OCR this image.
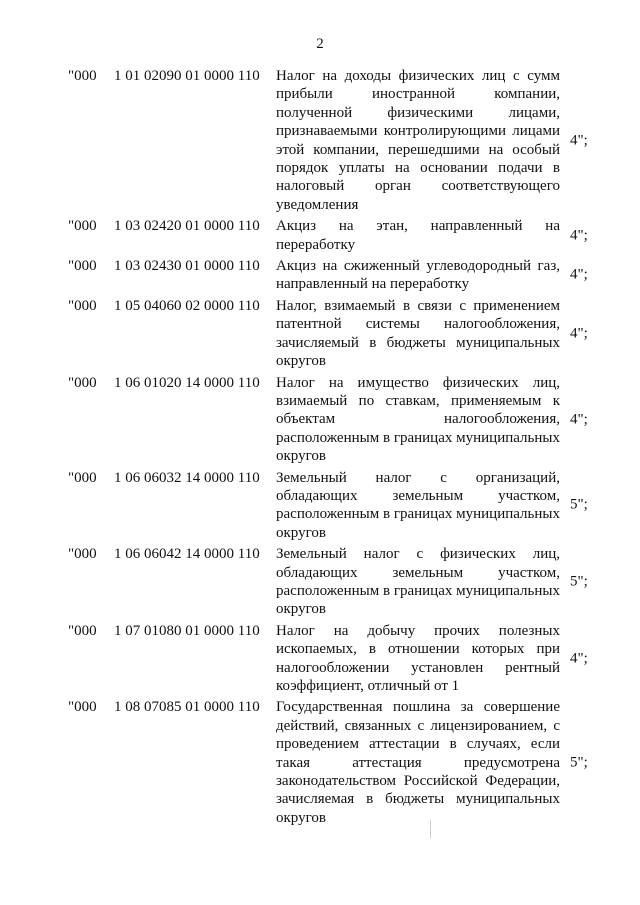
2
"000 1 01 02090 01 0000 110 Налог на доходы физических лиц с сумм прибыли иностранной компании, полученной физическими лицами, признаваемыми контролирующими лицами этой компании, перешедшими на особый порядок уплаты на основании подачи в налоговый орган соответствующего уведомления
4";
"000 1 03 02420 01 0000 110 Акциз на этан, направленный на переработку
4";
"000 1 03 02430 01 0000 110 Акциз на сжиженный углеводородный газ, направленный на переработку
4";
"000 1 05 04060 02 0000 110 Налог, взимаемый в связи с применением патентной системы налогообложения, зачисляемый в бюджеты муниципальных округов
4";
"000 1 06 01020 14 0000 110 Налог на имущество физических лиц, взимаемый по ставкам, применяемым к объектам налогообложения, расположенным в границах муниципальных округов
4";
"000 1 06 06032 14 0000 110 Земельный налог с организаций, обладающих земельным участком, расположенным в границах муниципальных округов
5";
"000 1 06 06042 14 0000 110 Земельный налог с физических лиц, обладающих земельным участком, расположенным в границах муниципальных округов
5";
"000 1 07 01080 01 0000 110 Налог на добычу прочих полезных ископаемых, в отношении которых при налогообложении установлен рентный коэффициент, отличный от 1
4";
"000 1 08 07085 01 0000 110 Государственная пошлина за совершение действий, связанных с лицензированием, с проведением аттестации в случаях, если такая аттестация предусмотрена законодательством Российской Федерации, зачисляемая в бюджеты муниципальных округов
5";
